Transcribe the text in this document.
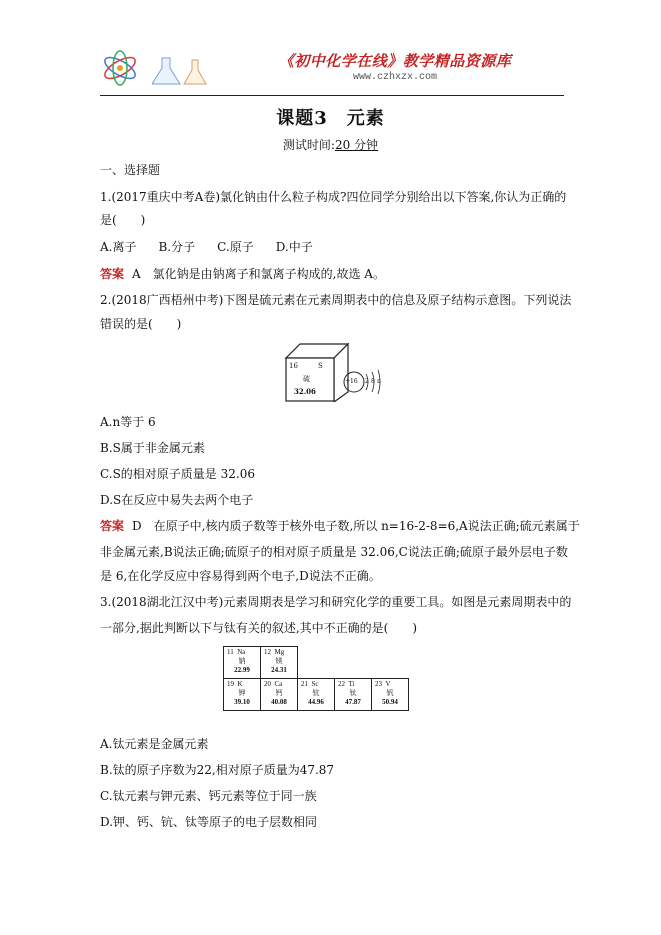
《初中化学在线》教学精品资源库
www.czhxzx.com
课题3　元素
测试时间:20 分钟
一、选择题
1.(2017重庆中考A卷)氯化钠由什么粒子构成?四位同学分别给出以下答案,你认为正确的
是(　　)
A.离子 B.分子 C.原子 D.中子
答案 A　氯化钠是由钠离子和氯离子构成的,故选 A。
2.(2018广西梧州中考)下图是硫元素在元素周期表中的信息及原子结构示意图。下列说法
错误的是(　　)
16	S
硫
32.06
+16 2 8 n
A.n等于 6
B.S属于非金属元素
C.S的相对原子质量是 32.06
D.S在反应中易失去两个电子
答案 D　在原子中,核内质子数等于核外电子数,所以 n=16-2-8=6,A说法正确;硫元素属于
非金属元素,B说法正确;硫原子的相对原子质量是 32.06,C说法正确;硫原子最外层电子数
是 6,在化学反应中容易得到两个电子,D说法不正确。
3.(2018湖北江汉中考)元素周期表是学习和研究化学的重要工具。如图是元素周期表中的
一部分,据此判断以下与钛有关的叙述,其中不正确的是(　　)
11 Na
钠
22.99	12 Mg
镁
24.31			

19 K
钾
39.10	20 Ca
钙
40.08	21 Sc
钪
44.96	22 Ti
钛
47.87	23 V
钒
50.94
A.钛元素是金属元素
B.钛的原子序数为22,相对原子质量为47.87
C.钛元素与钾元素、钙元素等位于同一族
D.钾、钙、钪、钛等原子的电子层数相同
